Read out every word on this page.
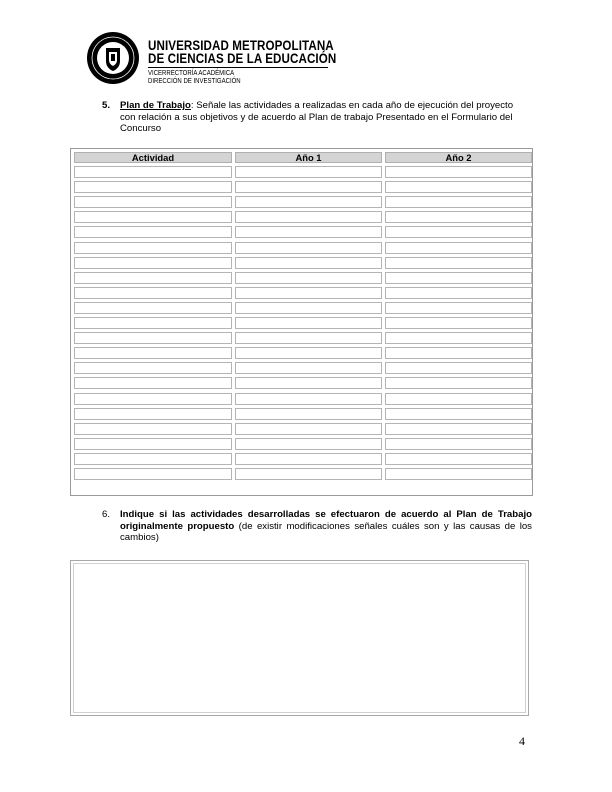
UNIVERSIDAD METROPOLITANA
DE CIENCIAS DE LA EDUCACIÓN
VICERRECTORÍA ACADÉMICA
DIRECCIÓN DE INVESTIGACIÓN
5. Plan de Trabajo: Señale las actividades a realizadas en cada año de ejecución del proyecto con relación a sus objetivos y de acuerdo al Plan de trabajo Presentado en el Formulario del Concurso
Actividad	Año 1	Año 2
6. Indique si las actividades desarrolladas se efectuaron de acuerdo al Plan de Trabajo originalmente propuesto (de existir modificaciones señales cuáles son y las causas de los cambios)
4
